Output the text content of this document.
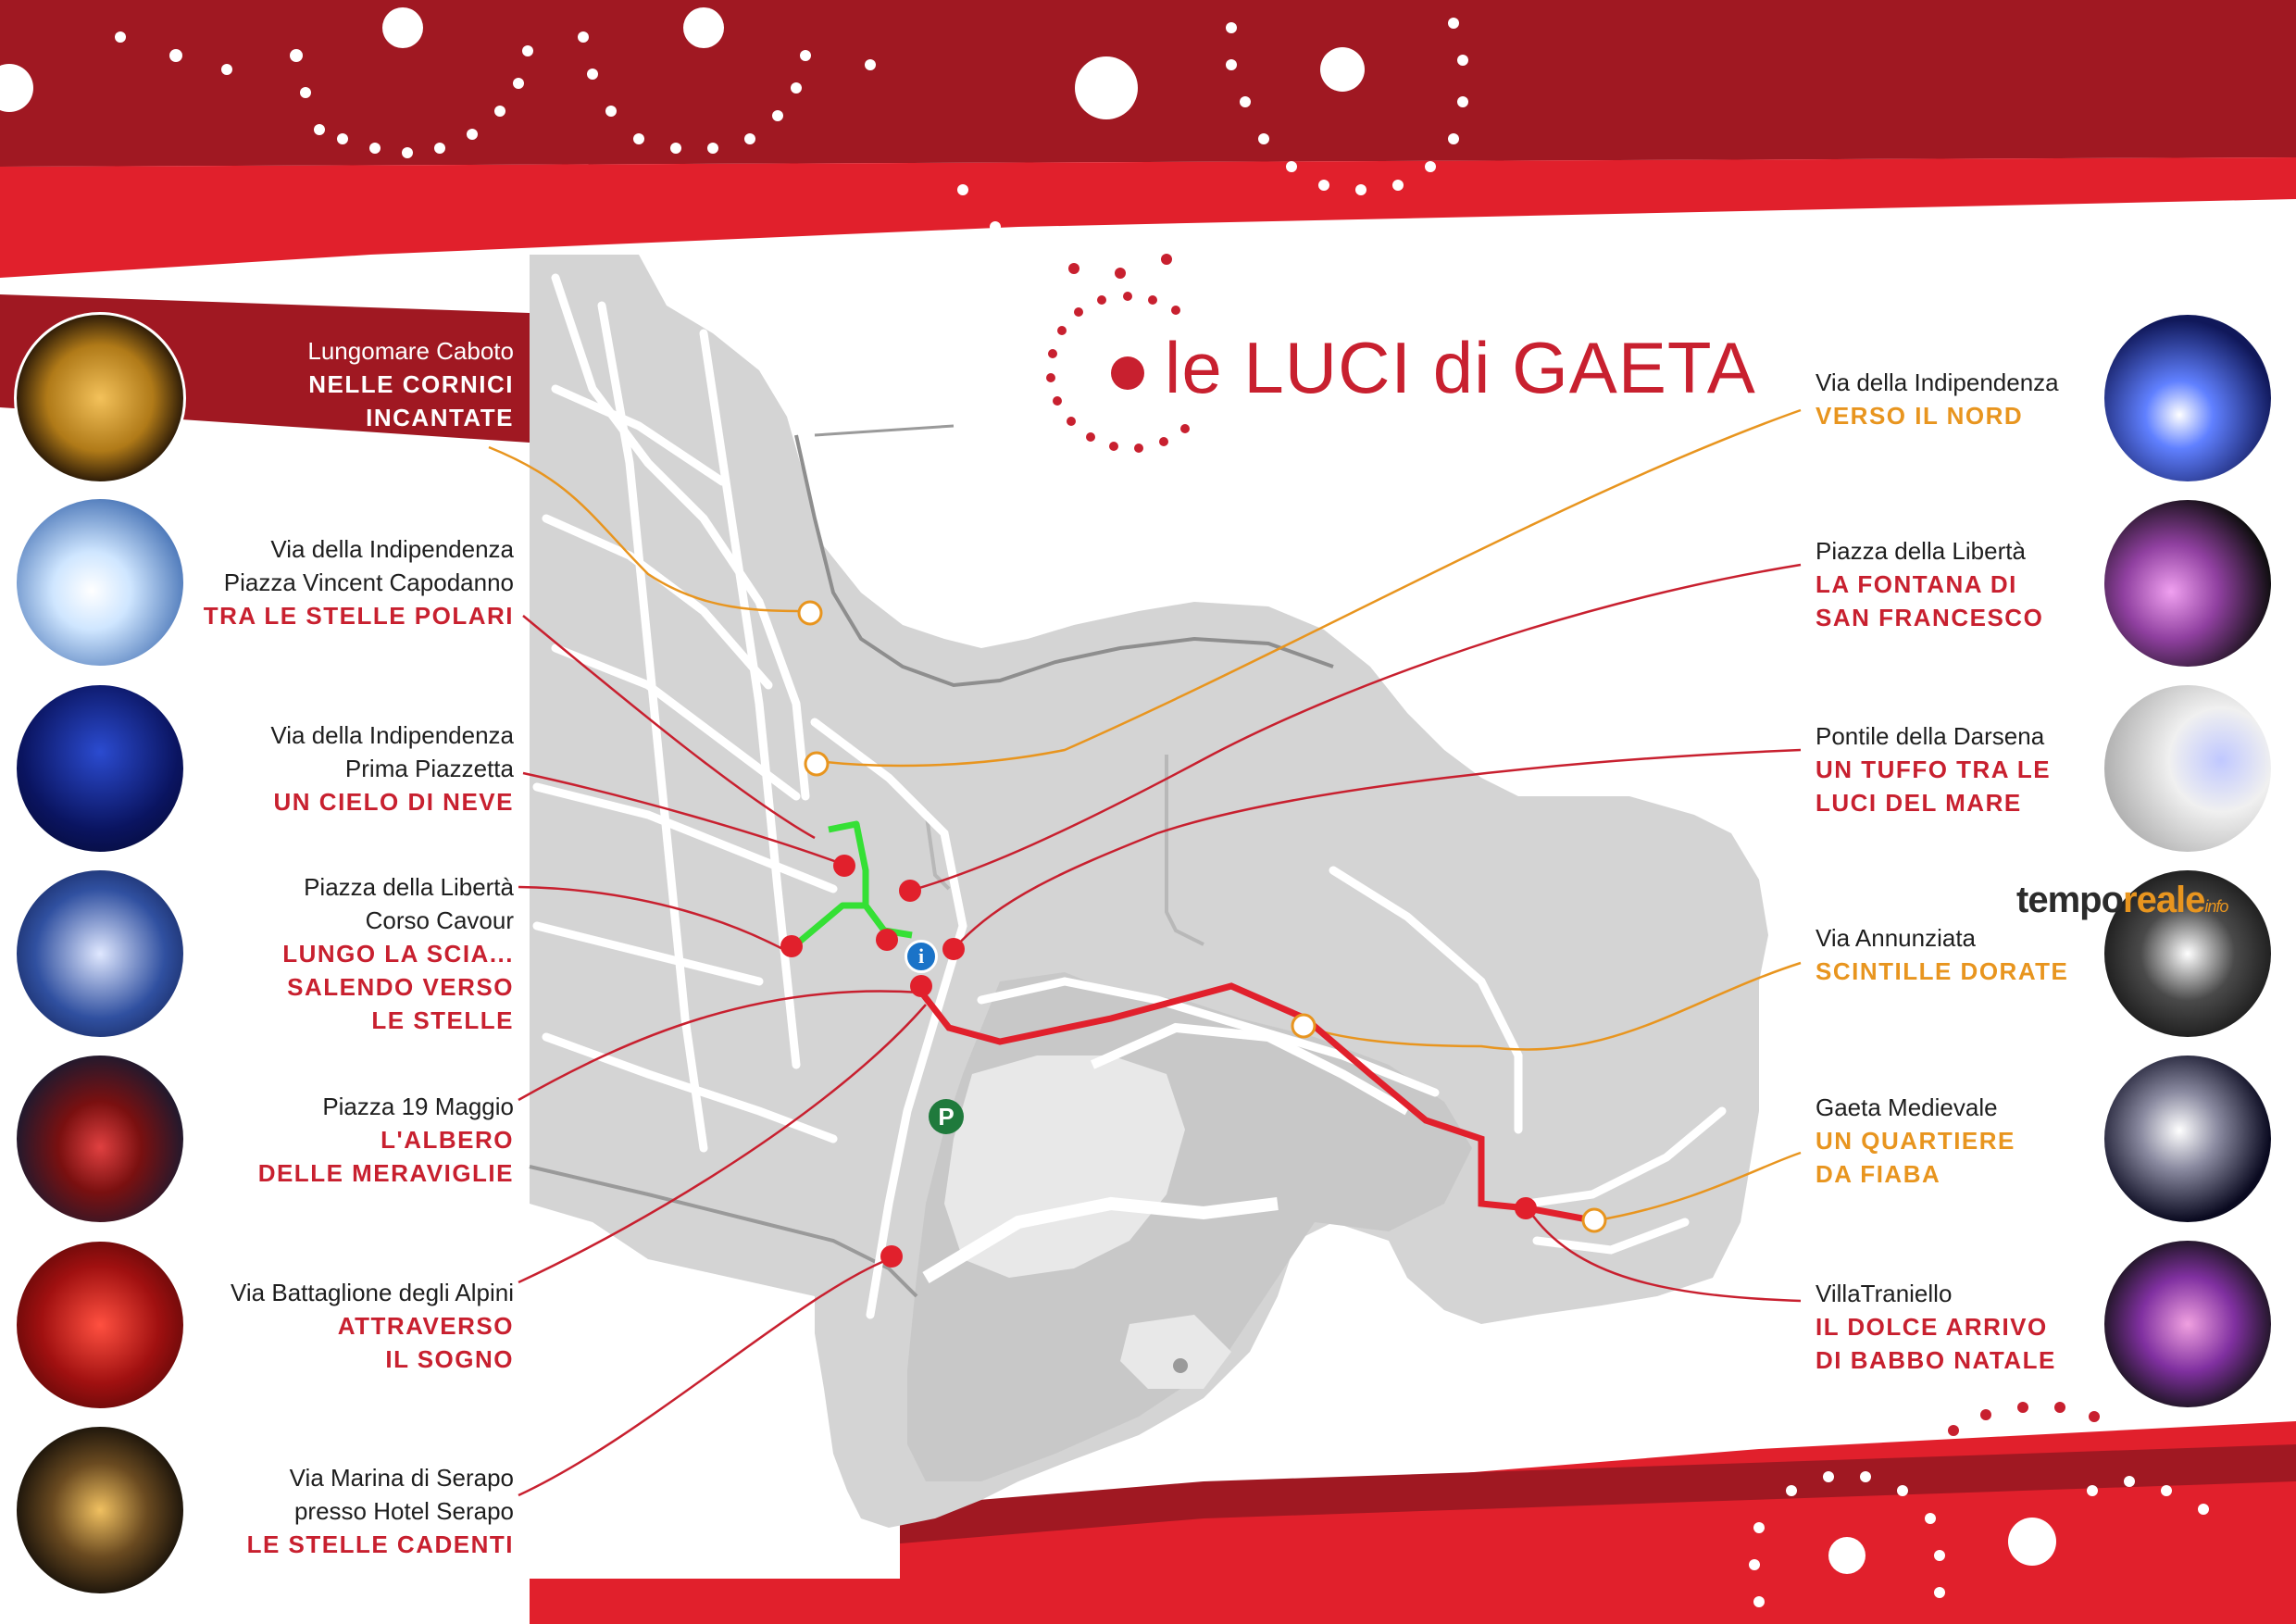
le LUCI di GAETA
i
P
Lungomare Caboto
NELLE CORNICI
INCANTATE
Via della Indipendenza
Piazza Vincent Capodanno
TRA LE STELLE POLARI
Via della Indipendenza
Prima Piazzetta
UN CIELO DI NEVE
Piazza della Libertà
Corso Cavour
LUNGO LA SCIA...
SALENDO VERSO
LE STELLE
Piazza 19 Maggio
L'ALBERO
DELLE MERAVIGLIE
Via Battaglione degli Alpini
ATTRAVERSO
IL SOGNO
Via Marina di Serapo
presso Hotel Serapo
LE STELLE CADENTI
Via della Indipendenza
VERSO IL NORD
Piazza della Libertà
LA FONTANA DI
SAN FRANCESCO
Pontile della Darsena
UN TUFFO TRA LE
LUCI DEL MARE
Via Annunziata
SCINTILLE DORATE
Gaeta Medievale
UN QUARTIERE
DA FIABA
VillaTraniello
IL DOLCE ARRIVO
DI BABBO NATALE
temporealeinfo
